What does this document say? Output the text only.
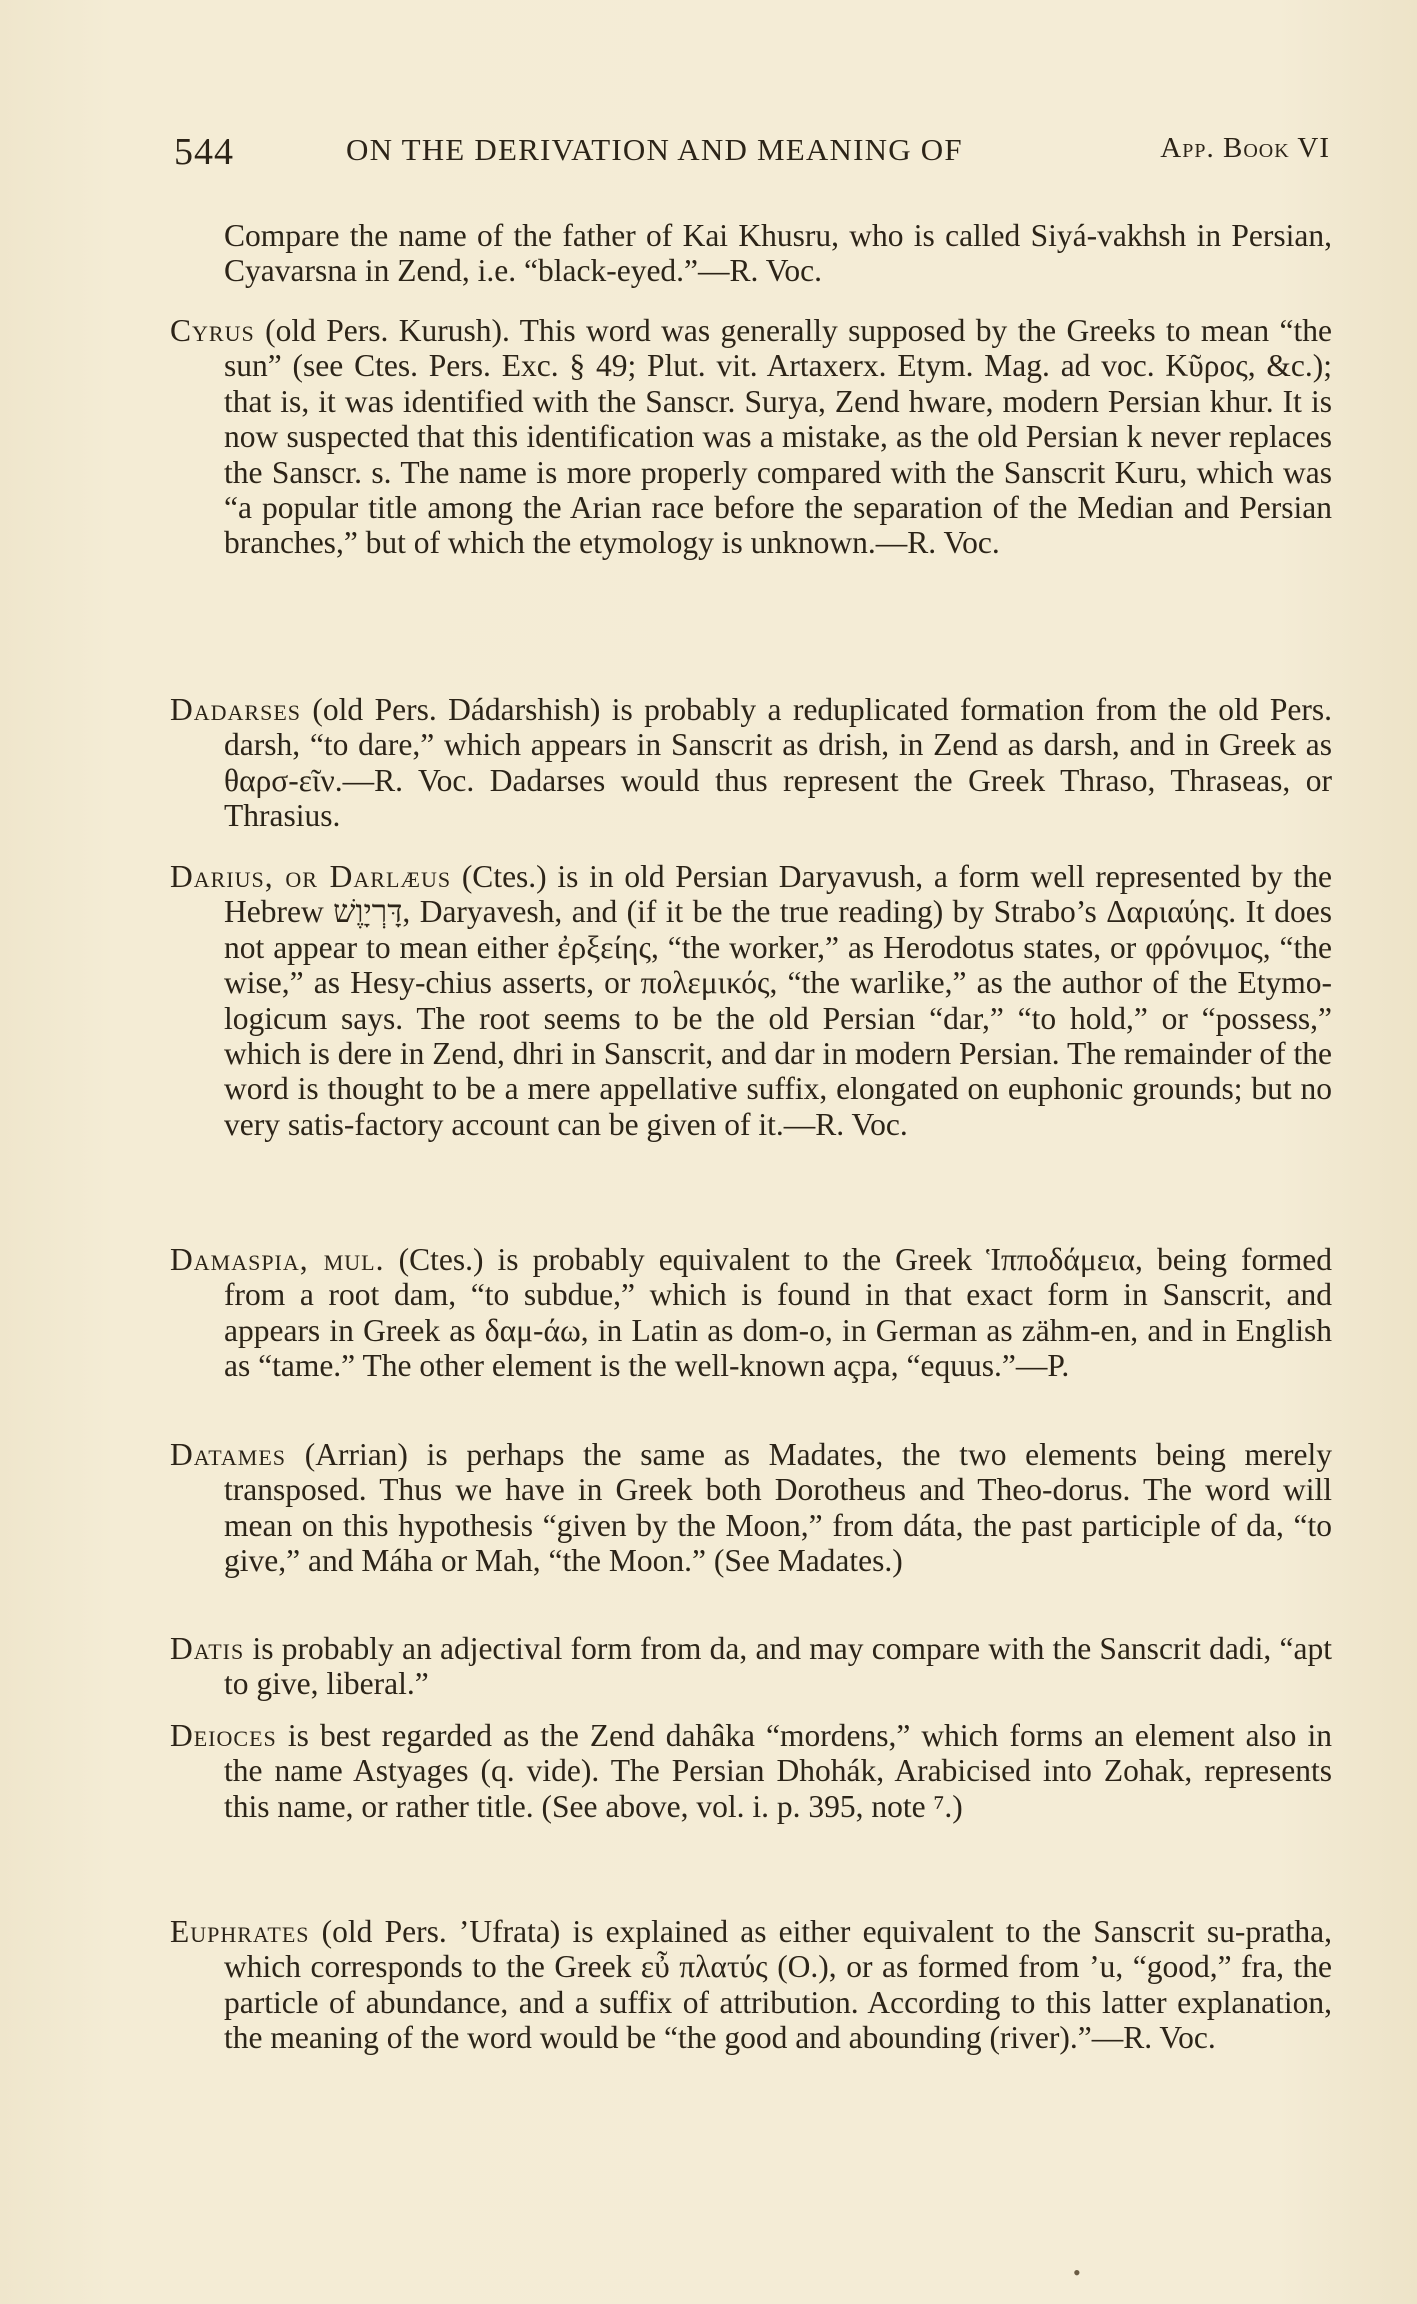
544	ON THE DERIVATION AND MEANING OF	App. Book VI

Compare the name of the father of Kai Khusru, who is called Siyá-vakhsh in Persian, Cyavarsna in Zend, i.e. “black-eyed.”—R. Voc.

Cyrus (old Pers. Kurush). This word was generally supposed by the Greeks to mean “the sun” (see Ctes. Pers. Exc. § 49; Plut. vit. Artaxerx. Etym. Mag. ad voc. Κῦρος, &c.); that is, it was identified with the Sanscr. Surya, Zend hware, modern Persian khur. It is now suspected that this identification was a mistake, as the old Persian k never replaces the Sanscr. s. The name is more properly compared with the Sanscrit Kuru, which was “a popular title among the Arian race before the separation of the Median and Persian branches,” but of which the etymology is unknown.—R. Voc.

Dadarses (old Pers. Dádarshish) is probably a reduplicated formation from the old Pers. darsh, “to dare,” which appears in Sanscrit as drish, in Zend as darsh, and in Greek as θαρσ-εῖν.—R. Voc. Dadarses would thus represent the Greek Thraso, Thraseas, or Thrasius.

Darius, or Darlæus (Ctes.) is in old Persian Daryavush, a form well represented by the Hebrew דָּרְיָוֶשׁ, Daryavesh, and (if it be the true reading) by Strabo’s Δαριαύης. It does not appear to mean either ἐρξείης, “the worker,” as Herodotus states, or φρόνιμος, “the wise,” as Hesy-chius asserts, or πολεμικός, “the warlike,” as the author of the Etymo-logicum says. The root seems to be the old Persian “dar,” “to hold,” or “possess,” which is dere in Zend, dhri in Sanscrit, and dar in modern Persian. The remainder of the word is thought to be a mere appellative suffix, elongated on euphonic grounds; but no very satis-factory account can be given of it.—R. Voc.

Damaspia, mul. (Ctes.) is probably equivalent to the Greek Ἱπποδάμεια, being formed from a root dam, “to subdue,” which is found in that exact form in Sanscrit, and appears in Greek as δαμ-άω, in Latin as dom-o, in German as zähm-en, and in English as “tame.” The other element is the well-known açpa, “equus.”—P.

Datames (Arrian) is perhaps the same as Madates, the two elements being merely transposed. Thus we have in Greek both Dorotheus and Theo-dorus. The word will mean on this hypothesis “given by the Moon,” from dáta, the past participle of da, “to give,” and Máha or Mah, “the Moon.” (See Madates.)

Datis is probably an adjectival form from da, and may compare with the Sanscrit dadi, “apt to give, liberal.”

Deioces is best regarded as the Zend dahâka “mordens,” which forms an element also in the name Astyages (q. vide). The Persian Dhohák, Arabicised into Zohak, represents this name, or rather title. (See above, vol. i. p. 395, note ⁷.)

Euphrates (old Pers. ’Ufrata) is explained as either equivalent to the Sanscrit su-pratha, which corresponds to the Greek εὖ πλατύς (O.), or as formed from ’u, “good,” fra, the particle of abundance, and a suffix of attribution. According to this latter explanation, the meaning of the word would be “the good and abounding (river).”—R. Voc.

•
